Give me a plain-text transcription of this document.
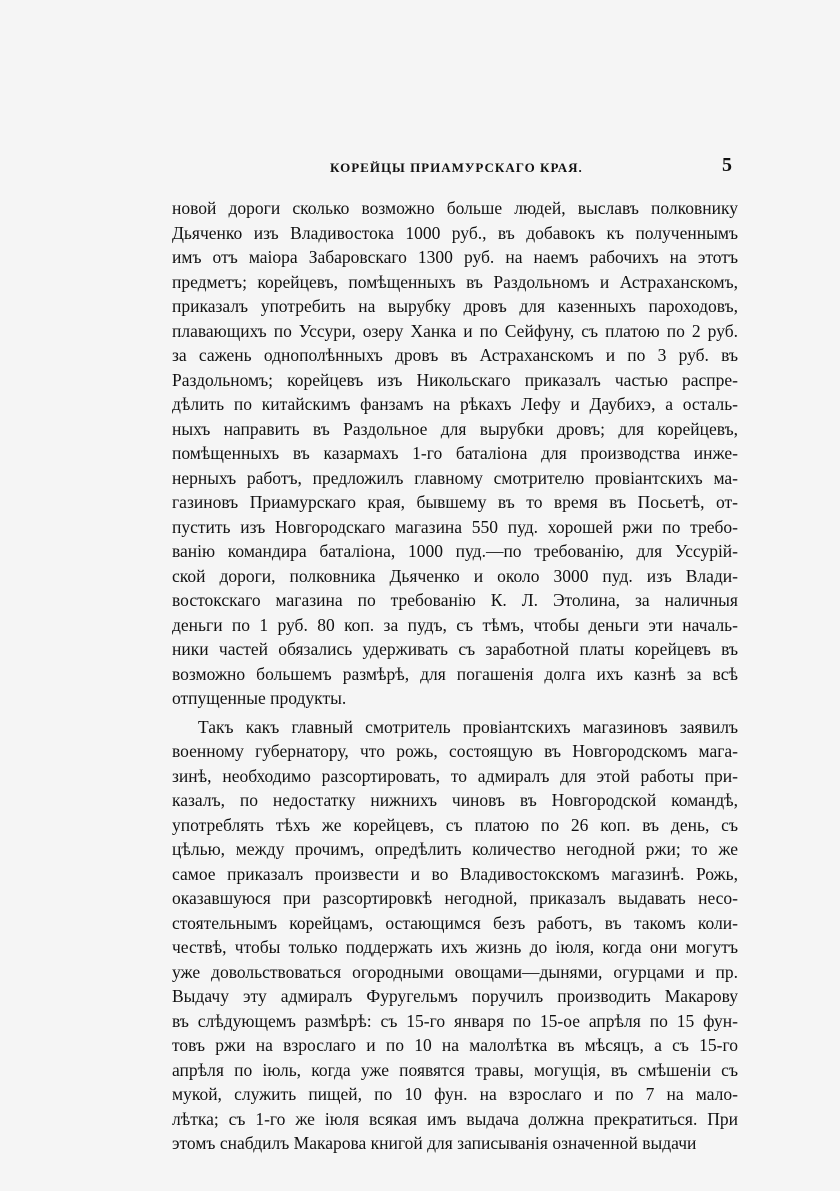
КОРЕЙЦЫ ПРИАМУРСКАГО КРАЯ.	5
новой дороги сколько возможно больше людей, выславъ полковнику
Дьяченко изъ Владивостока 1000 руб., въ добавокъ къ полученнымъ
имъ отъ маіора Забаровскаго 1300 руб. на наемъ рабочихъ на этотъ
предметъ; корейцевъ, помѣщенныхъ въ Раздольномъ и Астраханскомъ,
приказалъ употребить на вырубку дровъ для казенныхъ пароходовъ,
плавающихъ по Уссури, озеру Ханка и по Сейфуну, съ платою по 2 руб.
за сажень однополѣнныхъ дровъ въ Астраханскомъ и по 3 руб. въ
Раздольномъ; корейцевъ изъ Никольскаго приказалъ частью распре-
дѣлить по китайскимъ фанзамъ на рѣкахъ Лефу и Даубихэ, а осталь-
ныхъ направить въ Раздольное для вырубки дровъ; для корейцевъ,
помѣщенныхъ въ казармахъ 1-го баталіона для производства инже-
нерныхъ работъ, предложилъ главному смотрителю провіантскихъ ма-
газиновъ Приамурскаго края, бывшему въ то время въ Посьетѣ, от-
пустить изъ Новгородскаго магазина 550 пуд. хорошей ржи по требо-
ванію командира баталіона, 1000 пуд.—по требованію, для Уссурій-
ской дороги, полковника Дьяченко и около 3000 пуд. изъ Влади-
востокскаго магазина по требованію К. Л. Этолина, за наличныя
деньги по 1 руб. 80 коп. за пудъ, съ тѣмъ, чтобы деньги эти началь-
ники частей обязались удерживать съ заработной платы корейцевъ въ
возможно большемъ размѣрѣ, для погашенія долга ихъ казнѣ за всѣ
отпущенные продукты.
Такъ какъ главный смотритель провіантскихъ магазиновъ заявилъ
военному губернатору, что рожь, состоящую въ Новгородскомъ мага-
зинѣ, необходимо разсортировать, то адмиралъ для этой работы при-
казалъ, по недостатку нижнихъ чиновъ въ Новгородской командѣ,
употреблять тѣхъ же корейцевъ, съ платою по 26 коп. въ день, съ
цѣлью, между прочимъ, опредѣлить количество негодной ржи; то же
самое приказалъ произвести и во Владивостокскомъ магазинѣ. Рожь,
оказавшуюся при разсортировкѣ негодной, приказалъ выдавать несо-
стоятельнымъ корейцамъ, остающимся безъ работъ, въ такомъ коли-
чествѣ, чтобы только поддержать ихъ жизнь до іюля, когда они могутъ
уже довольствоваться огородными овощами—дынями, огурцами и пр.
Выдачу эту адмиралъ Фуругельмъ поручилъ производить Макарову
въ слѣдующемъ размѣрѣ: съ 15-го января по 15-ое апрѣля по 15 фун-
товъ ржи на взрослаго и по 10 на малолѣтка въ мѣсяцъ, а съ 15-го
апрѣля по іюль, когда уже появятся травы, могущія, въ смѣшеніи съ
мукой, служить пищей, по 10 фун. на взрослаго и по 7 на мало-
лѣтка; съ 1-го же іюля всякая имъ выдача должна прекратиться. При
этомъ снабдилъ Макарова книгой для записыванія означенной выдачи
